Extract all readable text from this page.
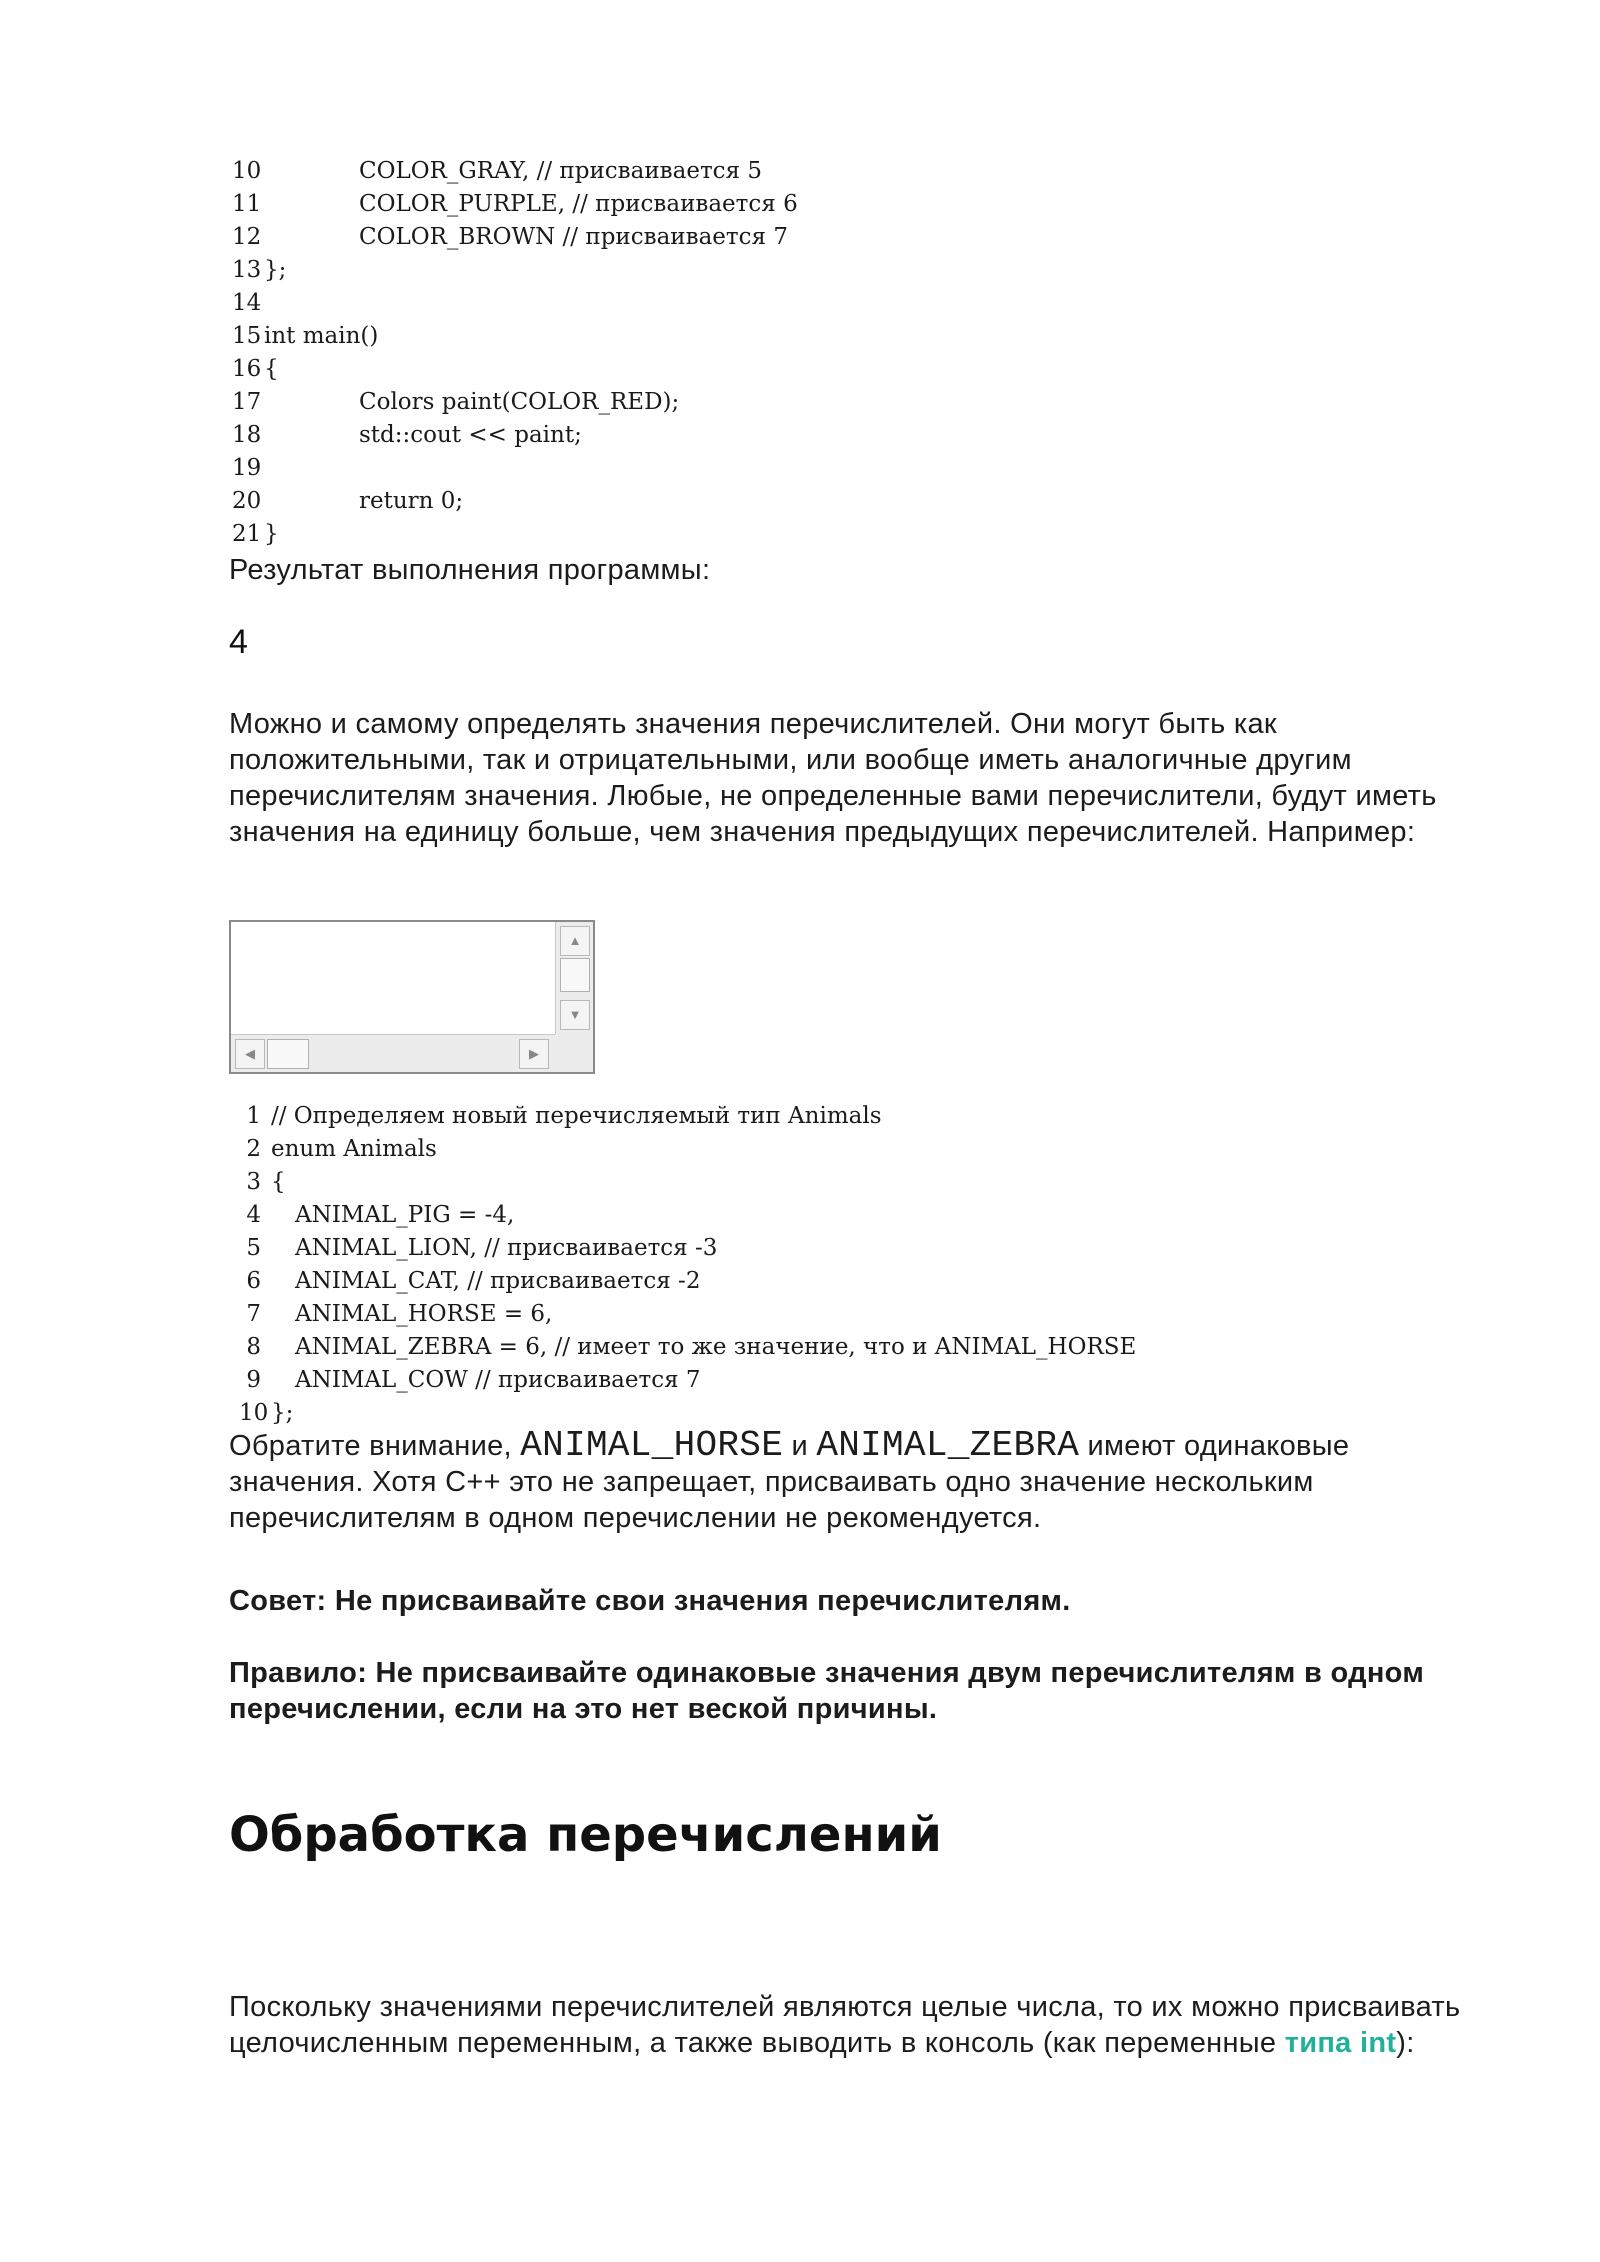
10	COLOR_GRAY, // присваивается 5
11	COLOR_PURPLE, // присваивается 6
12	COLOR_BROWN // присваивается 7
13 };
14
15 int main()
16 {
17	Colors paint(COLOR_RED);
18	std::cout << paint;
19
20	return 0;
21 }
Результат выполнения программы:
4
Можно и самому определять значения перечислителей. Они могут быть как положительными, так и отрицательными, или вообще иметь аналогичные другим перечислителям значения. Любые, не определенные вами перечислители, будут иметь значения на единицу больше, чем значения предыдущих перечислителей. Например:
1 // Определяем новый перечисляемый тип Animals
2 enum Animals
3 {
4	ANIMAL_PIG = -4,
5	ANIMAL_LION, // присваивается -3
6	ANIMAL_CAT, // присваивается -2
7	ANIMAL_HORSE = 6,
8	ANIMAL_ZEBRA = 6, // имеет то же значение, что и ANIMAL_HORSE
9	ANIMAL_COW // присваивается 7
10 };
Обратите внимание, ANIMAL_HORSE и ANIMAL_ZEBRA имеют одинаковые значения. Хотя C++ это не запрещает, присваивать одно значение нескольким перечислителям в одном перечислении не рекомендуется.
Совет: Не присваивайте свои значения перечислителям.
Правило: Не присваивайте одинаковые значения двум перечислителям в одном перечислении, если на это нет веской причины.
Обработка перечислений
Поскольку значениями перечислителей являются целые числа, то их можно присваивать целочисленным переменным, а также выводить в консоль (как переменные типа int):
▲
▼
◀	▶
